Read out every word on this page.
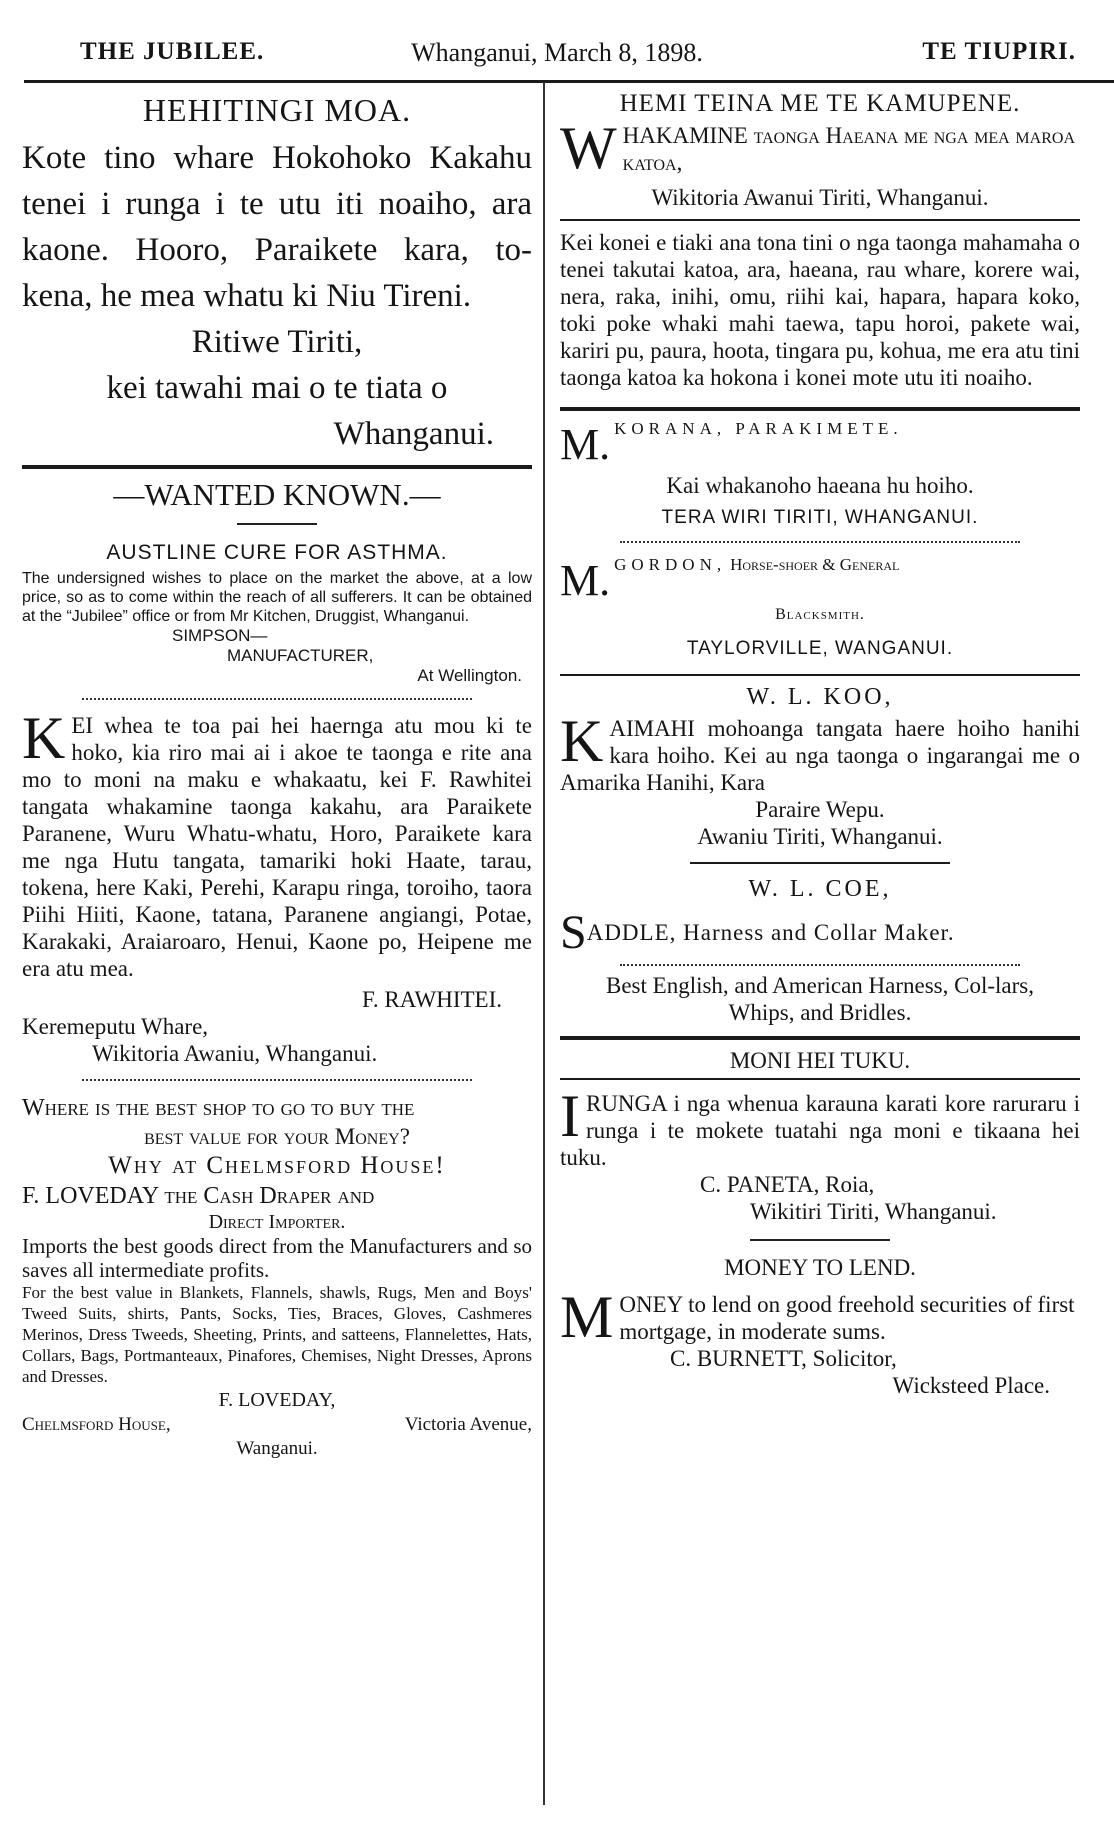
THE JUBILEE.	Whanganui, March 8, 1898.	TE TIUPIRI.
HEHITINGI MOA.
Kote tino whare Hokohoko Kakahu
tenei i runga i te utu iti noaiho, ara
kaone. Hooro, Paraikete kara, to-
kena, he mea whatu ki Niu Tireni.
Ritiwe Tiriti,
kei tawahi mai o te tiata o
Whanganui.
—WANTED KNOWN.—
AUSTLINE CURE FOR ASTHMA.

The undersigned wishes to place on the market the above, at a low price, so as to come within the reach of all sufferers. It can be obtained at the “Jubilee” office or from Mr Kitchen, Druggist, Whanganui.

SIMPSON—
MANUFACTURER,
At Wellington.

KEI whea te toa pai hei haernga atu mou ki te hoko, kia riro mai ai i akoe te taonga e rite ana mo to moni na maku e whakaatu, kei F. Rawhitei tangata whakamine taonga kakahu, ara Paraikete Paranene, Wuru Whatu-whatu, Horo, Paraikete kara me nga Hutu tangata, tamariki hoki Haate, tarau, tokena, here Kaki, Perehi, Karapu ringa, toroiho, taora Piihi Hiiti, Kaone, tatana, Paranene angiangi, Potae, Karakaki, Araiaroaro, Henui, Kaone po, Heipene me era atu mea.

F. RAWHITEI.
Keremeputu Whare,
Wikitoria Awaniu, Whanganui.
Where is the best shop to go to buy the
best value for your Money?
Why at Chelmsford House!
F. LOVEDAY the Cash Draper and
Direct Importer.

Imports the best goods direct from the Manufacturers and so saves all intermediate profits.

For the best value in Blankets, Flannels, shawls, Rugs, Men and Boys' Tweed Suits, shirts, Pants, Socks, Ties, Braces, Gloves, Cashmeres Merinos, Dress Tweeds, Sheeting, Prints, and satteens, Flannelettes, Hats, Collars, Bags, Portmanteaux, Pinafores, Chemises, Night Dresses, Aprons and Dresses.

F. LOVEDAY,
Chelmsford House,	Victoria Avenue,
Wanganui.
HEMI TEINA ME TE KAMUPENE.

WHAKAMINE taonga Haeana me nga mea maroa katoa,

Wikitoria Awanui Tiriti, Whanganui.

Kei konei e tiaki ana tona tini o nga taonga mahamaha o tenei takutai katoa, ara, haeana, rau whare, korere wai, nera, raka, inihi, omu, riihi kai, hapara, hapara koko, toki poke whaki mahi taewa, tapu horoi, pakete wai, kariri pu, paura, hoota, tingara pu, kohua, me era atu tini taonga katoa ka hokona i konei mote utu iti noaiho.

M. KORANA, PARAKIMETE.
Kai whakanoho haeana hu hoiho.
TERA WIRI TIRITI, WHANGANUI.
M. GORDON, Horse-shoer & General
Blacksmith.
TAYLORVILLE, WANGANUI.
W. L. KOO,

KAIMAHI mohoanga tangata haere hoiho hanihi kara hoiho. Kei au nga taonga o ingarangai me o Amarika Hanihi, Kara

Paraire Wepu.
Awaniu Tiriti, Whanganui.
W. L. COE,
SADDLE, Harness and Collar Maker.

Best English, and American Harness, Col-lars, Whips, and Bridles.

MONI HEI TUKU.

IRUNGA i nga whenua karauna karati kore raruraru i runga i te mokete tuatahi nga moni e tikaana hei tuku.

C. PANETA, Roia,
Wikitiri Tiriti, Whanganui.
MONEY TO LEND.

MONEY to lend on good freehold securities of first mortgage, in moderate sums.

C. BURNETT, Solicitor,
Wicksteed Place.
